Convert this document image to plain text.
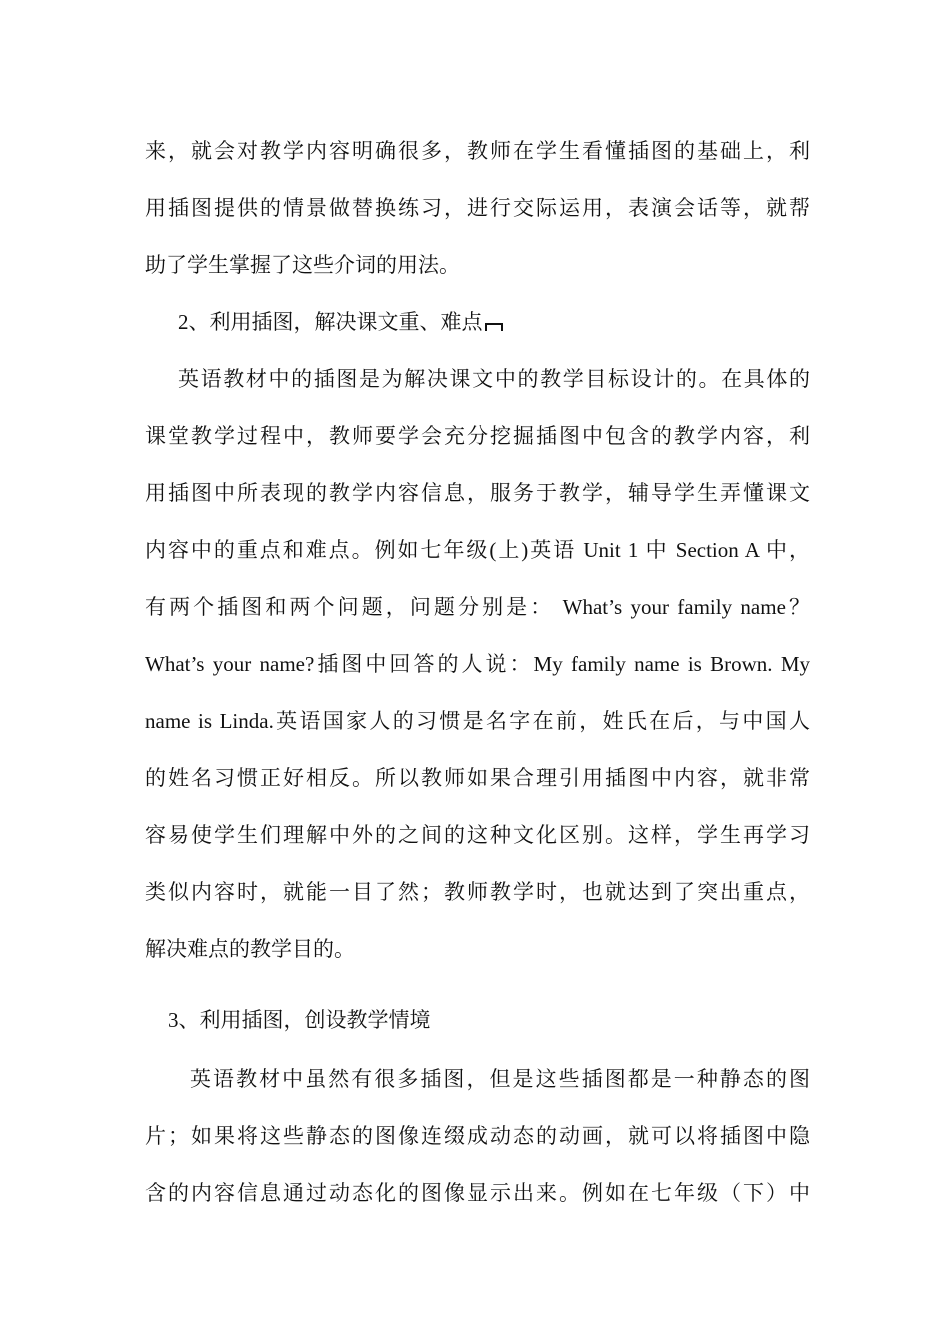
来，就会对教学内容明确很多，教师在学生看懂插图的基础上，利
用插图提供的情景做替换练习，进行交际运用，表演会话等，就帮
助了学生掌握了这些介词的用法。
2、利用插图，解决课文重、难点
英语教材中的插图是为解决课文中的教学目标设计的。在具体的
课堂教学过程中，教师要学会充分挖掘插图中包含的教学内容，利
用插图中所表现的教学内容信息，服务于教学，辅导学生弄懂课文
内容中的重点和难点。例如七年级(上)英语 Unit 1 中 Section A 中，
有两个插图和两个问题，问题分别是： What’s your family name？
What’s your name?插图中回答的人说：My family name is Brown. My
name is Linda.英语国家人的习惯是名字在前，姓氏在后，与中国人
的姓名习惯正好相反。所以教师如果合理引用插图中内容，就非常
容易使学生们理解中外的之间的这种文化区别。这样，学生再学习
类似内容时，就能一目了然；教师教学时，也就达到了突出重点，
解决难点的教学目的。
3、利用插图，创设教学情境
英语教材中虽然有很多插图，但是这些插图都是一种静态的图
片；如果将这些静态的图像连缀成动态的动画，就可以将插图中隐
含的内容信息通过动态化的图像显示出来。例如在七年级（下）中
